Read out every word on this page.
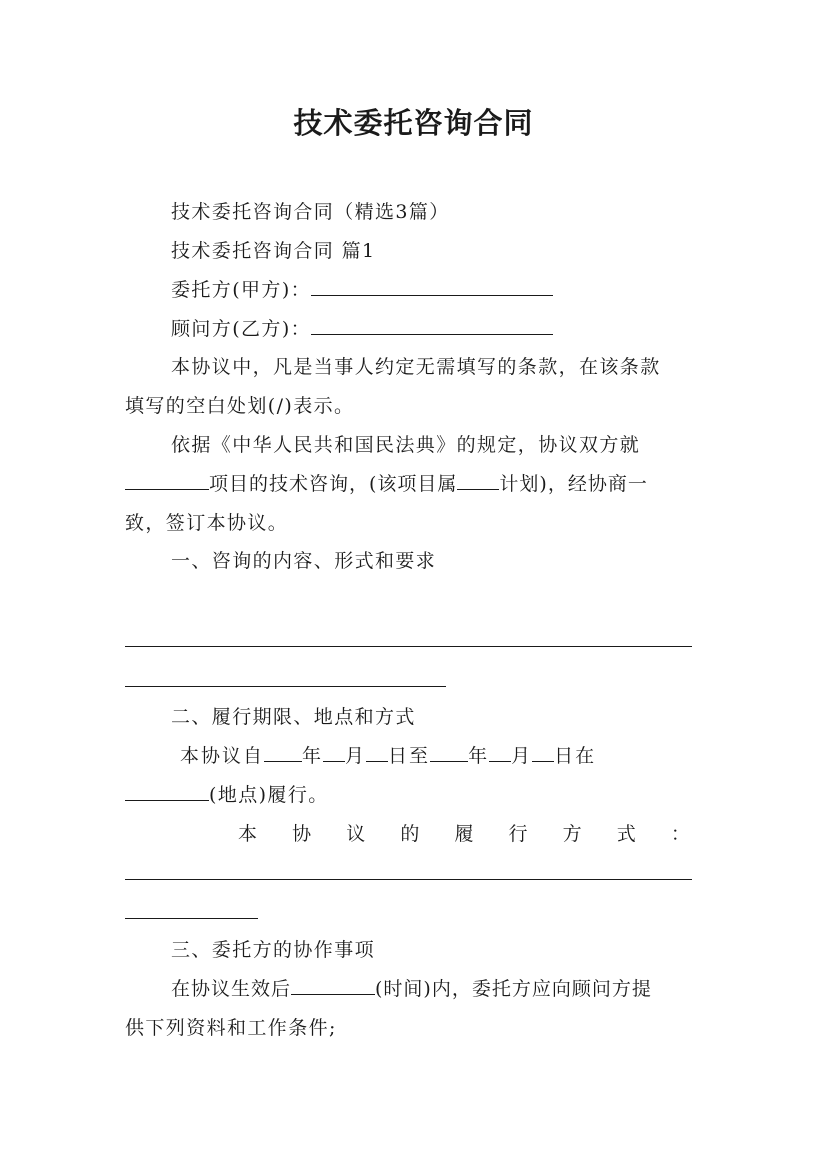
技术委托咨询合同
技术委托咨询合同（精选3篇）
技术委托咨询合同 篇1
委托方(甲方)：
顾问方(乙方)：
本协议中，凡是当事人约定无需填写的条款，在该条款
填写的空白处划(/)表示。
依据《中华人民共和国民法典》的规定，协议双方就
项目的技术咨询，(该项目属 计划)，经协商一
致，签订本协议。
一、咨询的内容、形式和要求
二、履行期限、地点和方式
本协议自 年 月 日至 年 月 日在
(地点)履行。
本 协 议 的 履 行 方 式 ：
三、委托方的协作事项
在协议生效后	(时间)内，委托方应向顾问方提
供下列资料和工作条件;
